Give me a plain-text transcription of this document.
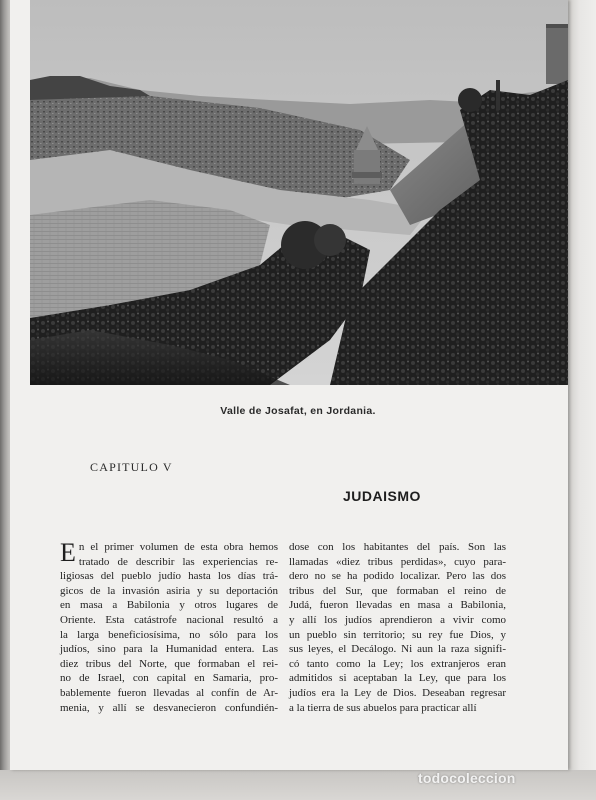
Valle de Josafat, en Jordania.
CAPITULO V
JUDAISMO
E n el primer volumen de esta obra hemos
tratado de describir las experiencias re-
ligiosas del pueblo judío hasta los días trá-
gicos de la invasión asiria y su deportación
en masa a Babilonia y otros lugares de
Oriente. Esta catástrofe nacional resultó a
la larga beneficiosísima, no sólo para los
judíos, sino para la Humanidad entera. Las
diez tribus del Norte, que formaban el rei-
no de Israel, con capital en Samaria, pro-
bablemente fueron llevadas al confín de Ar-
menia, y allí se desvanecieron confundién-
dose con los habitantes del país. Son las
llamadas «diez tribus perdidas», cuyo para-
dero no se ha podido localizar. Pero las dos
tribus del Sur, que formaban el reino de
Judá, fueron llevadas en masa a Babilonia,
y allí los judíos aprendieron a vivir como
un pueblo sin territorio; su rey fue Dios, y
sus leyes, el Decálogo. Ni aun la raza signifi-
có tanto como la Ley; los extranjeros eran
admitidos si aceptaban la Ley, que para los
judíos era la Ley de Dios. Deseaban regresar
a la tierra de sus abuelos para practicar allí
todocoleccion
